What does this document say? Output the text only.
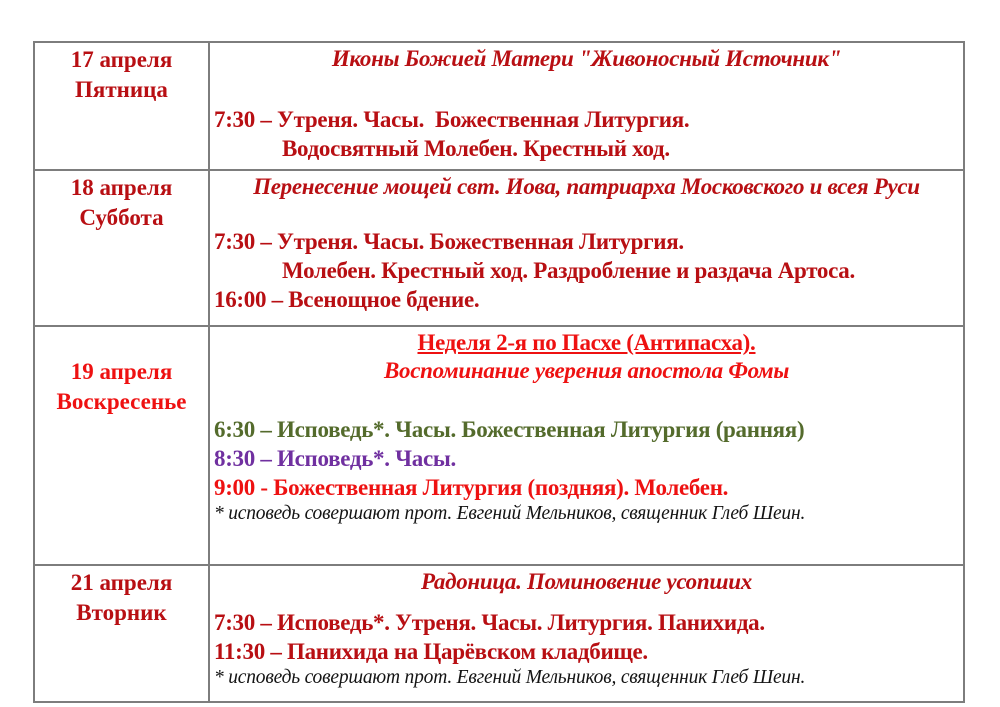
17 апреля
Пятница

Иконы Божией Матери "Живоносный Источник"
7:30 – Утреня. Часы.  Божественная Литургия.
Водосвятный Молебен. Крестный ход.

18 апреля
Суббота

Перенесение мощей свт. Иова, патриарха Московского и всея Руси
7:30 – Утреня. Часы. Божественная Литургия.
Молебен. Крестный ход. Раздробление и раздача Артоса.
16:00 – Всенощное бдение.

19 апреля
Воскресенье

Неделя 2-я по Пасхе (Антипасха).
Воспоминание уверения апостола Фомы
6:30 – Исповедь*. Часы. Божественная Литургия (ранняя)
8:30 – Исповедь*. Часы.
9:00 - Божественная Литургия (поздняя). Молебен.
* исповедь совершают прот. Евгений Мельников, священник Глеб Шеин.

21 апреля
Вторник

Радоница. Поминовение усопших
7:30 – Исповедь*. Утреня. Часы. Литургия. Панихида.
11:30 – Панихида на Царёвском кладбище.
* исповедь совершают прот. Евгений Мельников, священник Глеб Шеин.
